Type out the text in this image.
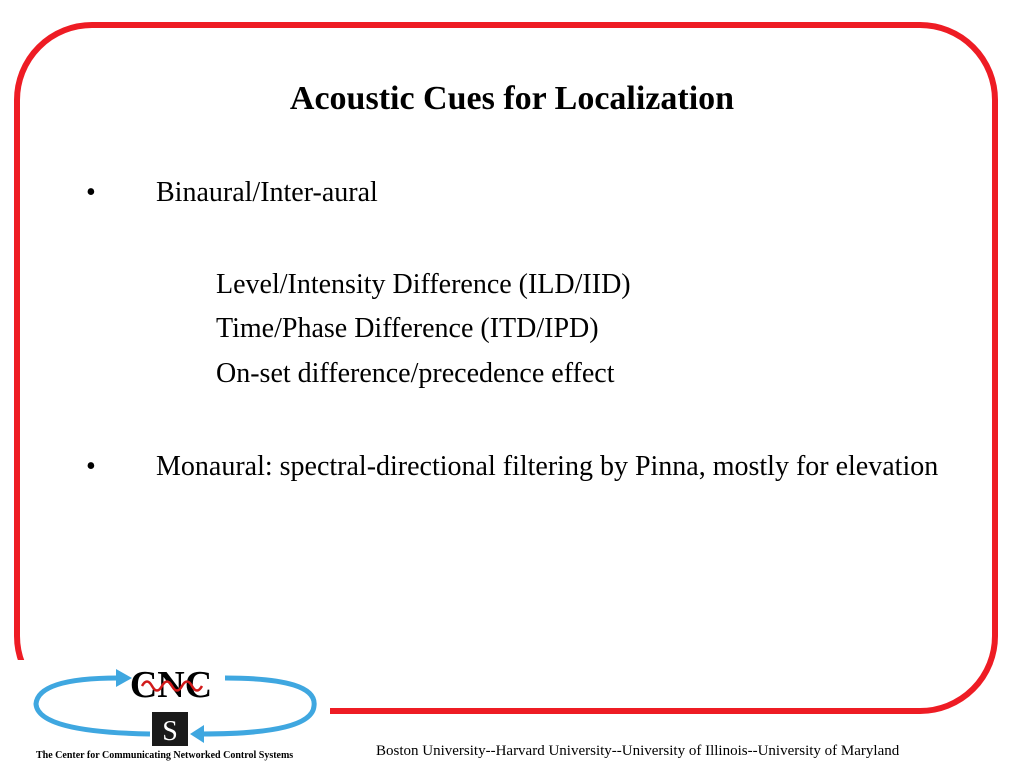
Acoustic Cues for Localization
• Binaural/Inter-aural
Level/Intensity Difference (ILD/IID)
Time/Phase Difference (ITD/IPD)
On-set difference/precedence effect
• Monaural: spectral-directional filtering by Pinna, mostly for elevation
CNC
S
The Center for Communicating Networked Control Systems	Boston University--Harvard University--University of Illinois--University of Maryland
